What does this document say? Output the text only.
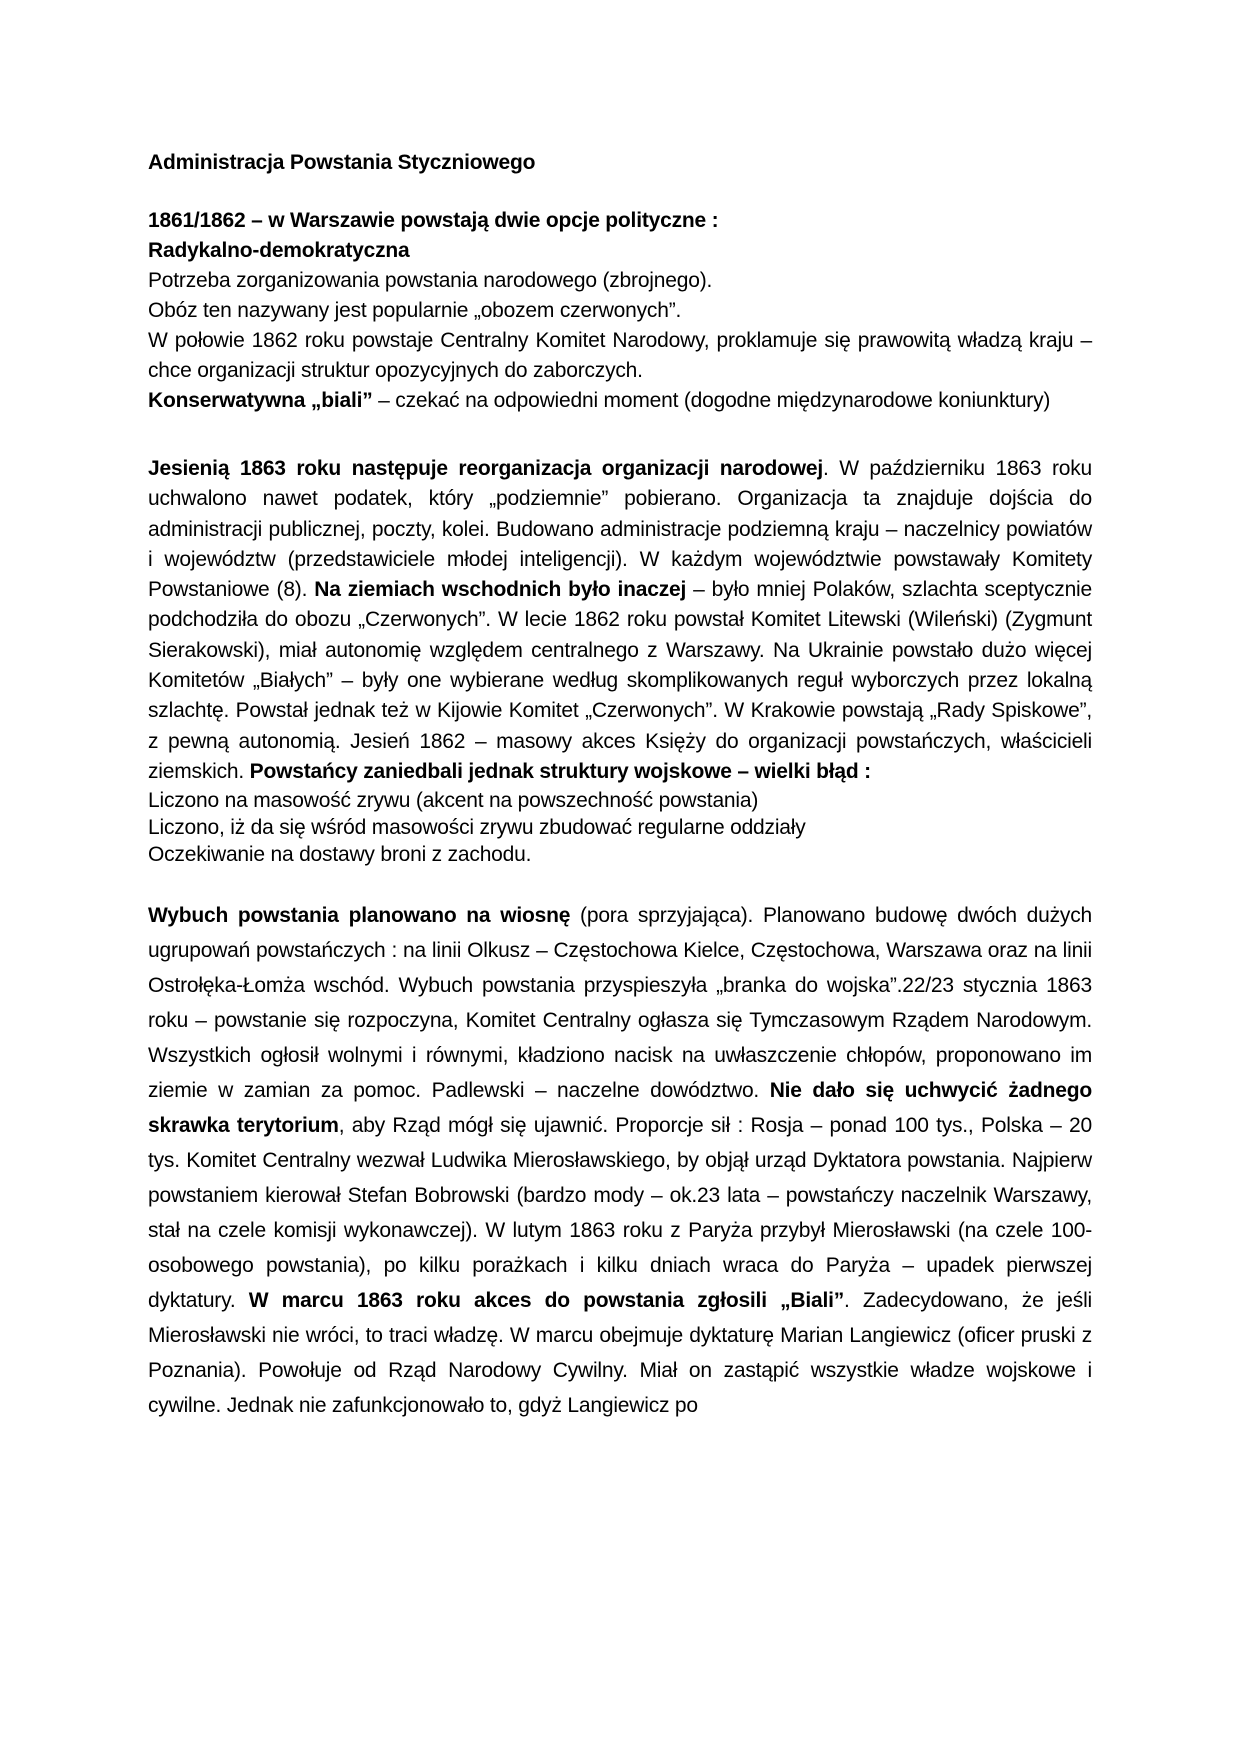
Administracja Powstania Styczniowego

1861/1862 – w Warszawie powstają dwie opcje polityczne :

Radykalno-demokratyczna

Potrzeba zorganizowania powstania narodowego (zbrojnego).

Obóz ten nazywany jest popularnie „obozem czerwonych”.

W połowie 1862 roku powstaje Centralny Komitet Narodowy, proklamuje się prawowitą władzą kraju – chce organizacji struktur opozycyjnych do zaborczych.

Konserwatywna „biali” – czekać na odpowiedni moment (dogodne międzynarodowe koniunktury)

Jesienią 1863 roku następuje reorganizacja organizacji narodowej. W październiku 1863 roku uchwalono nawet podatek, który „podziemnie” pobierano. Organizacja ta znajduje dojścia do administracji publicznej, poczty, kolei. Budowano administracje podziemną kraju – naczelnicy powiatów i województw (przedstawiciele młodej inteligencji). W każdym województwie powstawały Komitety Powstaniowe (8). Na ziemiach wschodnich było inaczej – było mniej Polaków, szlachta sceptycznie podchodziła do obozu „Czerwonych”. W lecie 1862 roku powstał Komitet Litewski (Wileński) (Zygmunt Sierakowski), miał autonomię względem centralnego z Warszawy. Na Ukrainie powstało dużo więcej Komitetów „Białych” – były one wybierane według skomplikowanych reguł wyborczych przez lokalną szlachtę. Powstał jednak też w Kijowie Komitet „Czerwonych”. W Krakowie powstają „Rady Spiskowe”, z pewną autonomią. Jesień 1862 – masowy akces Księży do organizacji powstańczych, właścicieli ziemskich. Powstańcy zaniedbali jednak struktury wojskowe – wielki błąd :

Liczono na masowość zrywu (akcent na powszechność powstania)

Liczono, iż da się wśród masowości zrywu zbudować regularne oddziały

Oczekiwanie na dostawy broni z zachodu.

Wybuch powstania planowano na wiosnę (pora sprzyjająca). Planowano budowę dwóch dużych ugrupowań powstańczych : na linii Olkusz – Częstochowa Kielce, Częstochowa, Warszawa oraz na linii Ostrołęka-Łomża wschód. Wybuch powstania przyspieszyła „branka do wojska”.22/23 stycznia 1863 roku – powstanie się rozpoczyna, Komitet Centralny ogłasza się Tymczasowym Rządem Narodowym. Wszystkich ogłosił wolnymi i równymi, kładziono nacisk na uwłaszczenie chłopów, proponowano im ziemie w zamian za pomoc. Padlewski – naczelne dowództwo. Nie dało się uchwycić żadnego skrawka terytorium, aby Rząd mógł się ujawnić. Proporcje sił : Rosja – ponad 100 tys., Polska – 20 tys. Komitet Centralny wezwał Ludwika Mierosławskiego, by objął urząd Dyktatora powstania. Najpierw powstaniem kierował Stefan Bobrowski (bardzo mody – ok.23 lata – powstańczy naczelnik Warszawy, stał na czele komisji wykonawczej). W lutym 1863 roku z Paryża przybył Mierosławski (na czele 100-osobowego powstania), po kilku porażkach i kilku dniach wraca do Paryża – upadek pierwszej dyktatury. W marcu 1863 roku akces do powstania zgłosili „Biali”. Zadecydowano, że jeśli Mierosławski nie wróci, to traci władzę. W marcu obejmuje dyktaturę Marian Langiewicz (oficer pruski z Poznania). Powołuje od Rząd Narodowy Cywilny. Miał on zastąpić wszystkie władze wojskowe i cywilne. Jednak nie zafunkcjonowało to, gdyż Langiewicz po
